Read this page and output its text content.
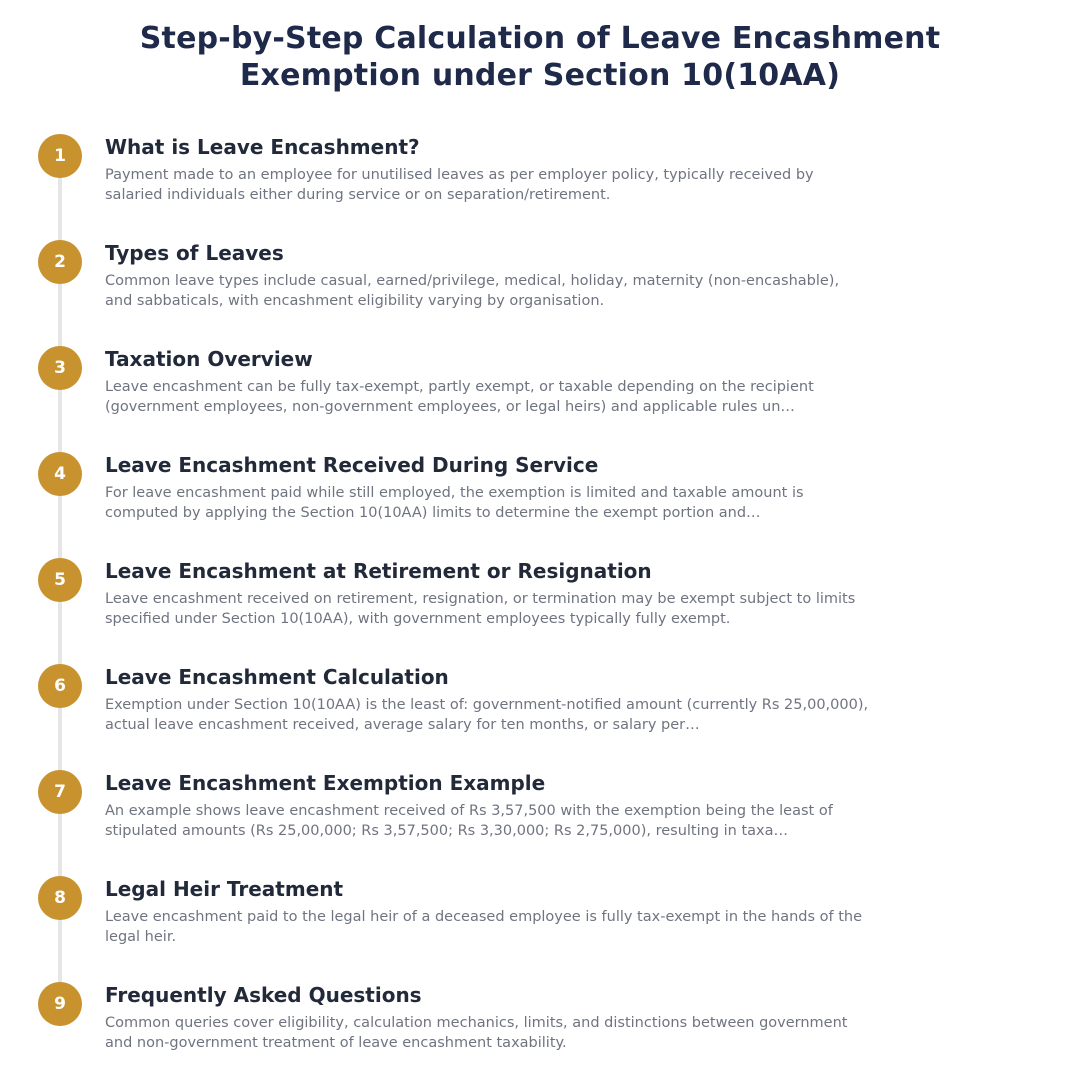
Step-by-Step Calculation of Leave Encashment
Exemption under Section 10(10AA)
1	What is Leave Encashment?

Payment made to an employee for unutilised leaves as per employer policy, typically received by salaried individuals either during service or on separation/retirement.

2	Types of Leaves

Common leave types include casual, earned/privilege, medical, holiday, maternity (non-encashable), and sabbaticals, with encashment eligibility varying by organisation.

3	Taxation Overview

Leave encashment can be fully tax-exempt, partly exempt, or taxable depending on the recipient (government employees, non-government employees, or legal heirs) and applicable rules un…

4	Leave Encashment Received During Service

For leave encashment paid while still employed, the exemption is limited and taxable amount is computed by applying the Section 10(10AA) limits to determine the exempt portion and…

5	Leave Encashment at Retirement or Resignation

Leave encashment received on retirement, resignation, or termination may be exempt subject to limits specified under Section 10(10AA), with government employees typically fully exempt.

6	Leave Encashment Calculation

Exemption under Section 10(10AA) is the least of: government-notified amount (currently Rs 25,00,000), actual leave encashment received, average salary for ten months, or salary per…

7	Leave Encashment Exemption Example

An example shows leave encashment received of Rs 3,57,500 with the exemption being the least of stipulated amounts (Rs 25,00,000; Rs 3,57,500; Rs 3,30,000; Rs 2,75,000), resulting in taxa…

8	Legal Heir Treatment

Leave encashment paid to the legal heir of a deceased employee is fully tax-exempt in the hands of the legal heir.

9	Frequently Asked Questions

Common queries cover eligibility, calculation mechanics, limits, and distinctions between government and non-government treatment of leave encashment taxability.
